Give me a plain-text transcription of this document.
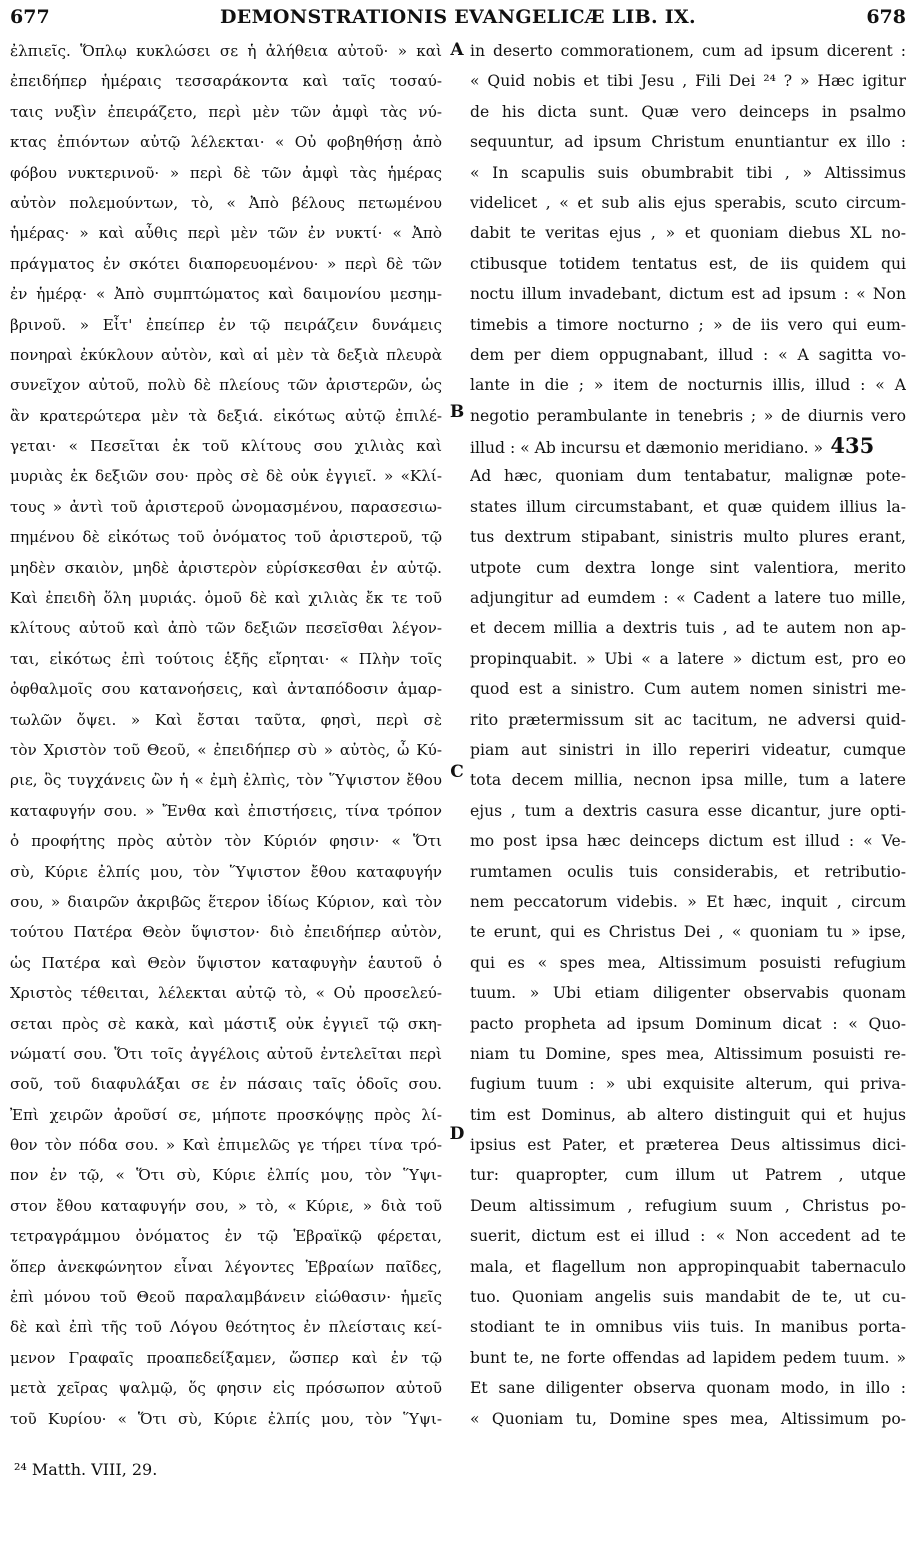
677	DEMONSTRATIONIS EVANGELICÆ LIB. IX.	678
ἐλπιεῖς. Ὅπλῳ κυκλώσει σε ἡ ἀλήθεια αὐτοῦ· » καὶ
ἐπειδήπερ ἡμέραις τεσσαράκοντα καὶ ταῖς τοσαύ-
ταις νυξὶν ἐπειράζετο, περὶ μὲν τῶν ἀμφὶ τὰς νύ-
κτας ἐπιόντων αὐτῷ λέλεκται· « Οὐ φοβηθήσῃ ἀπὸ
φόβου νυκτερινοῦ· » περὶ δὲ τῶν ἀμφὶ τὰς ἡμέρας
αὐτὸν πολεμούντων, τὸ, « Ἀπὸ βέλους πετωμένου
ἡμέρας· » καὶ αὖθις περὶ μὲν τῶν ἐν νυκτί· « Ἀπὸ
πράγματος ἐν σκότει διαπορευομένου· » περὶ δὲ τῶν
ἐν ἡμέρᾳ· « Ἀπὸ συμπτώματος καὶ δαιμονίου μεσημ-
βρινοῦ. » Εἶτ' ἐπείπερ ἐν τῷ πειράζειν δυνάμεις
πονηραὶ ἐκύκλουν αὐτὸν, καὶ αἱ μὲν τὰ δεξιὰ πλευρὰ
συνεῖχον αὐτοῦ, πολὺ δὲ πλείους τῶν ἀριστερῶν, ὡς
ἂν κρατερώτερα μὲν τὰ δεξιά. εἰκότως αὐτῷ ἐπιλέ-
γεται· « Πεσεῖται ἐκ τοῦ κλίτους σου χιλιὰς καὶ
μυριὰς ἐκ δεξιῶν σου· πρὸς σὲ δὲ οὐκ ἐγγιεῖ. » «Κλί-
τους » ἀντὶ τοῦ ἀριστεροῦ ὠνομασμένου, παρασεσιω-
πημένου δὲ εἰκότως τοῦ ὀνόματος τοῦ ἀριστεροῦ, τῷ
μηδὲν σκαιὸν, μηδὲ ἀριστερὸν εὑρίσκεσθαι ἐν αὐτῷ.
Καὶ ἐπειδὴ ὅλη μυριάς. ὁμοῦ δὲ καὶ χιλιὰς ἔκ τε τοῦ
κλίτους αὐτοῦ καὶ ἀπὸ τῶν δεξιῶν πεσεῖσθαι λέγον-
ται, εἰκότως ἐπὶ τούτοις ἑξῆς εἴρηται· « Πλὴν τοῖς
ὀφθαλμοῖς σου κατανοήσεις, καὶ ἀνταπόδοσιν ἁμαρ-
τωλῶν ὄψει. » Καὶ ἔσται ταῦτα, φησὶ, περὶ σὲ
τὸν Χριστὸν τοῦ Θεοῦ, « ἐπειδήπερ σὺ » αὐτὸς, ὦ Κύ-
ριε, ὃς τυγχάνεις ὢν ἡ « ἐμὴ ἐλπὶς, τὸν Ὕψιστον ἔθου
καταφυγήν σου. » Ἔνθα καὶ ἐπιστήσεις, τίνα τρόπον
ὁ προφήτης πρὸς αὐτὸν τὸν Κύριόν φησιν· « Ὅτι
σὺ, Κύριε ἐλπίς μου, τὸν Ὕψιστον ἔθου καταφυγήν
σου, » διαιρῶν ἀκριβῶς ἕτερον ἰδίως Κύριον, καὶ τὸν
τούτου Πατέρα Θεὸν ὕψιστον· διὸ ἐπειδήπερ αὐτὸν,
ὡς Πατέρα καὶ Θεὸν ὕψιστον καταφυγὴν ἑαυτοῦ ὁ
Χριστὸς τέθειται, λέλεκται αὐτῷ τὸ, « Οὐ προσελεύ-
σεται πρὸς σὲ κακὰ, καὶ μάστιξ οὐκ ἐγγιεῖ τῷ σκη-
νώματί σου. Ὅτι τοῖς ἀγγέλοις αὐτοῦ ἐντελεῖται περὶ
σοῦ, τοῦ διαφυλάξαι σε ἐν πάσαις ταῖς ὁδοῖς σου.
Ἐπὶ χειρῶν ἀροῦσί σε, μήποτε προσκόψῃς πρὸς λί-
θον τὸν πόδα σου. » Καὶ ἐπιμελῶς γε τήρει τίνα τρό-
πον ἐν τῷ, « Ὅτι σὺ, Κύριε ἐλπίς μου, τὸν Ὕψι-
στον ἔθου καταφυγήν σου, » τὸ, « Κύριε, » διὰ τοῦ
τετραγράμμου ὀνόματος ἐν τῷ Ἑβραϊκῷ φέρεται,
ὅπερ ἀνεκφώνητον εἶναι λέγοντες Ἑβραίων παῖδες,
ἐπὶ μόνου τοῦ Θεοῦ παραλαμβάνειν εἰώθασιν· ἡμεῖς
δὲ καὶ ἐπὶ τῆς τοῦ Λόγου θεότητος ἐν πλείσταις κεί-
μενον Γραφαῖς προαπεδείξαμεν, ὥσπερ καὶ ἐν τῷ
μετὰ χεῖρας ψαλμῷ, ὅς φησιν εἰς πρόσωπον αὐτοῦ
τοῦ Κυρίου· « Ὅτι σὺ, Κύριε ἐλπίς μου, τὸν Ὕψι-
A
B
C
D
in deserto commorationem, cum ad ipsum dicerent :
« Quid nobis et tibi Jesu , Fili Dei ²⁴ ? » Hæc igitur
de his dicta sunt. Quæ vero deinceps in psalmo
sequuntur, ad ipsum Christum enuntiantur ex illo :
« In scapulis suis obumbrabit tibi , » Altissimus
videlicet , « et sub alis ejus sperabis, scuto circum-
dabit te veritas ejus , » et quoniam diebus XL no-
ctibusque totidem tentatus est, de iis quidem qui
noctu illum invadebant, dictum est ad ipsum : « Non
timebis a timore nocturno ; » de iis vero qui eum-
dem per diem oppugnabant, illud : « A sagitta vo-
lante in die ; » item de nocturnis illis, illud : « A
negotio perambulante in tenebris ; » de diurnis vero
illud : « Ab incursu et dæmonio meridiano. » 435
Ad hæc, quoniam dum tentabatur, malignæ pote-
states illum circumstabant, et quæ quidem illius la-
tus dextrum stipabant, sinistris multo plures erant,
utpote cum dextra longe sint valentiora, merito
adjungitur ad eumdem : « Cadent a latere tuo mille,
et decem millia a dextris tuis , ad te autem non ap-
propinquabit. » Ubi « a latere » dictum est, pro eo
quod est a sinistro. Cum autem nomen sinistri me-
rito prætermissum sit ac tacitum, ne adversi quid-
piam aut sinistri in illo reperiri videatur, cumque
tota decem millia, necnon ipsa mille, tum a latere
ejus , tum a dextris casura esse dicantur, jure opti-
mo post ipsa hæc deinceps dictum est illud : « Ve-
rumtamen oculis tuis considerabis, et retributio-
nem peccatorum videbis. » Et hæc, inquit , circum
te erunt, qui es Christus Dei , « quoniam tu » ipse,
qui es « spes mea, Altissimum posuisti refugium
tuum. » Ubi etiam diligenter observabis quonam
pacto propheta ad ipsum Dominum dicat : « Quo-
niam tu Domine, spes mea, Altissimum posuisti re-
fugium tuum : » ubi exquisite alterum, qui priva-
tim est Dominus, ab altero distinguit qui et hujus
ipsius est Pater, et præterea Deus altissimus dici-
tur: quapropter, cum illum ut Patrem , utque
Deum altissimum , refugium suum , Christus po-
suerit, dictum est ei illud : « Non accedent ad te
mala, et flagellum non appropinquabit tabernaculo
tuo. Quoniam angelis suis mandabit de te, ut cu-
stodiant te in omnibus viis tuis. In manibus porta-
bunt te, ne forte offendas ad lapidem pedem tuum. »
Et sane diligenter observa quonam modo, in illo :
« Quoniam tu, Domine spes mea, Altissimum po-
²⁴ Matth. VIII, 29.
